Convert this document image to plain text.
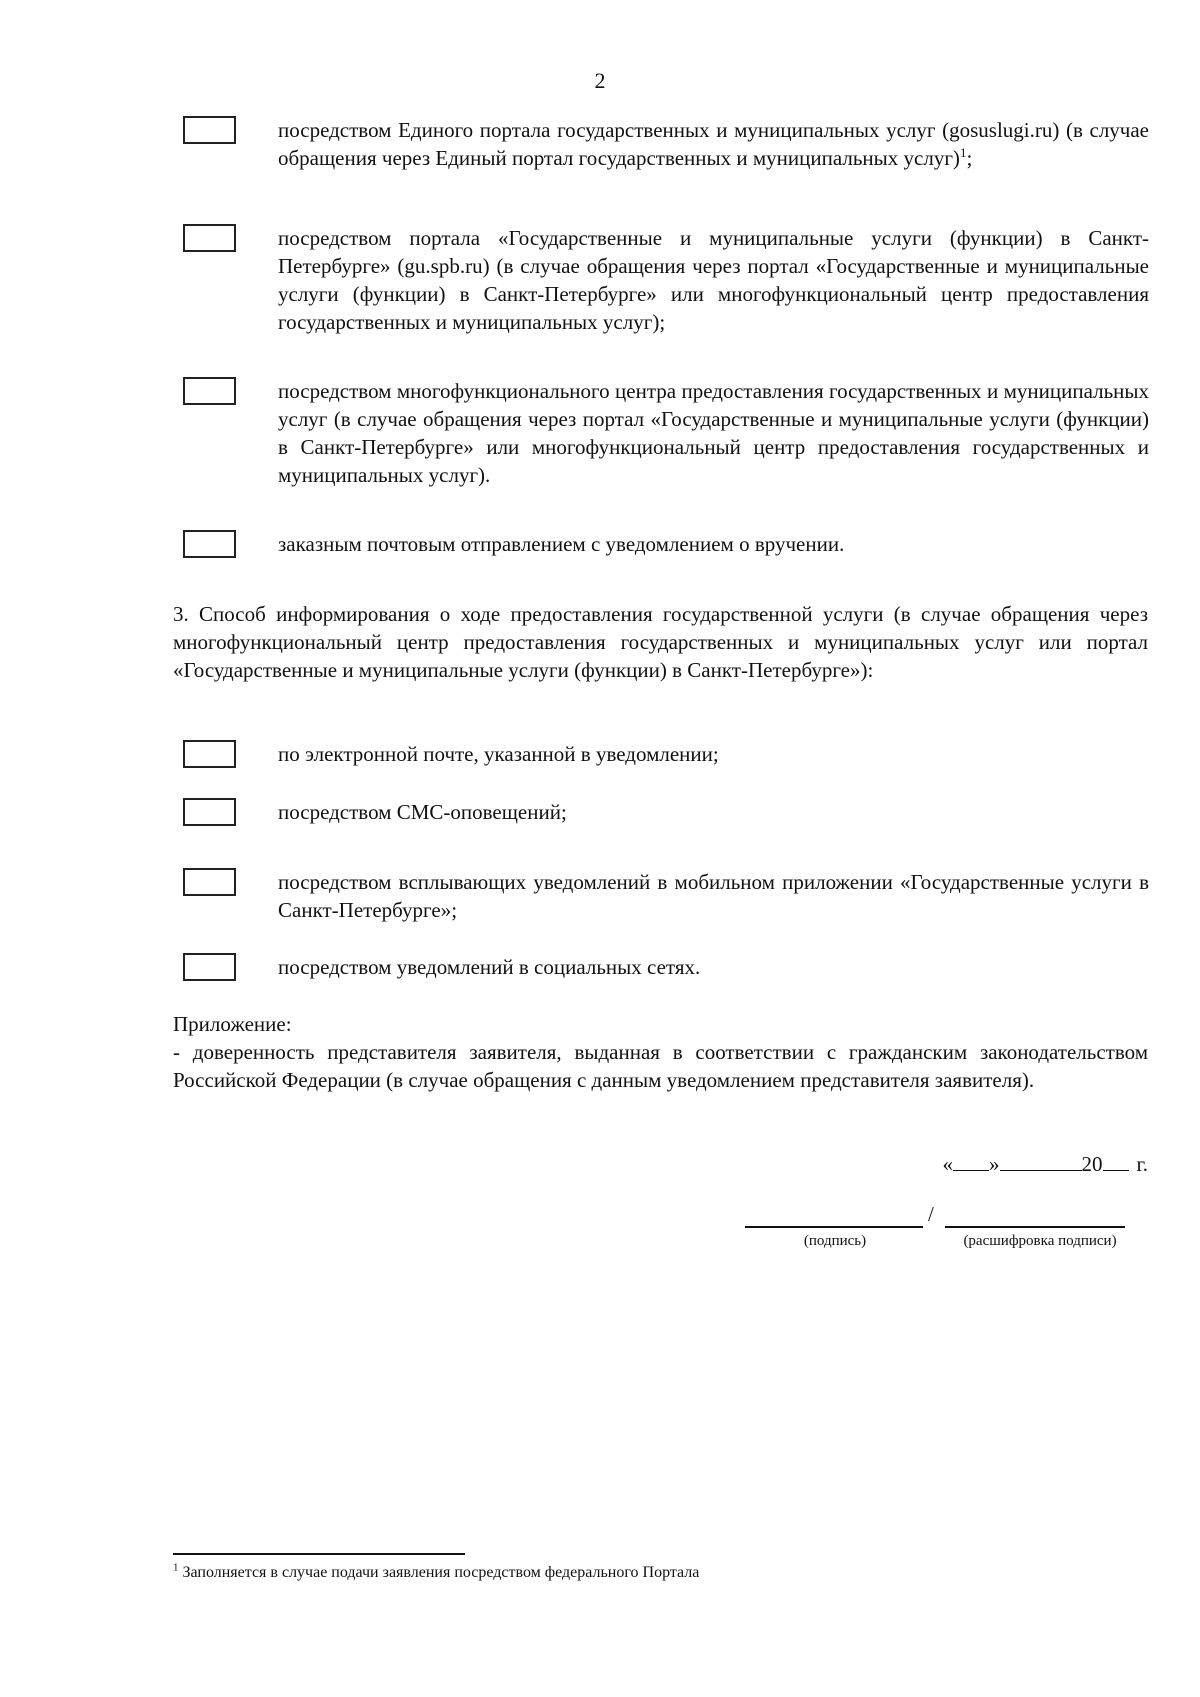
2
посредством Единого портала государственных и муниципальных услуг (gosuslugi.ru) (в случае обращения через Единый портал государственных и муниципальных услуг)$^1$;
посредством портала «Государственные и муниципальные услуги (функции) в Санкт-Петербурге» (gu.spb.ru) (в случае обращения через портал «Государственные и муниципальные услуги (функции) в Санкт-Петербурге» или многофункциональный центр предоставления государственных и муниципальных услуг);
посредством многофункционального центра предоставления государственных и муниципальных услуг (в случае обращения через портал «Государственные и муниципальные услуги (функции) в Санкт-Петербурге» или многофункциональный центр предоставления государственных и муниципальных услуг).
заказным почтовым отправлением с уведомлением о вручении.
3. Способ информирования о ходе предоставления государственной услуги (в случае обращения через многофункциональный центр предоставления государственных и муниципальных услуг или портал «Государственные и муниципальные услуги (функции) в Санкт-Петербурге»):
по электронной почте, указанной в уведомлении;
посредством СМС-оповещений;
посредством всплывающих уведомлений в мобильном приложении «Государственные услуги в Санкт-Петербурге»;
посредством уведомлений в социальных сетях.
Приложение:
- доверенность представителя заявителя, выданная в соответствии с гражданским законодательством Российской Федерации (в случае обращения с данным уведомлением представителя заявителя).
« »	20 г.
/
(подпись)	(расшифровка подписи)
$^1$ Заполняется в случае подачи заявления посредством федерального Портала
